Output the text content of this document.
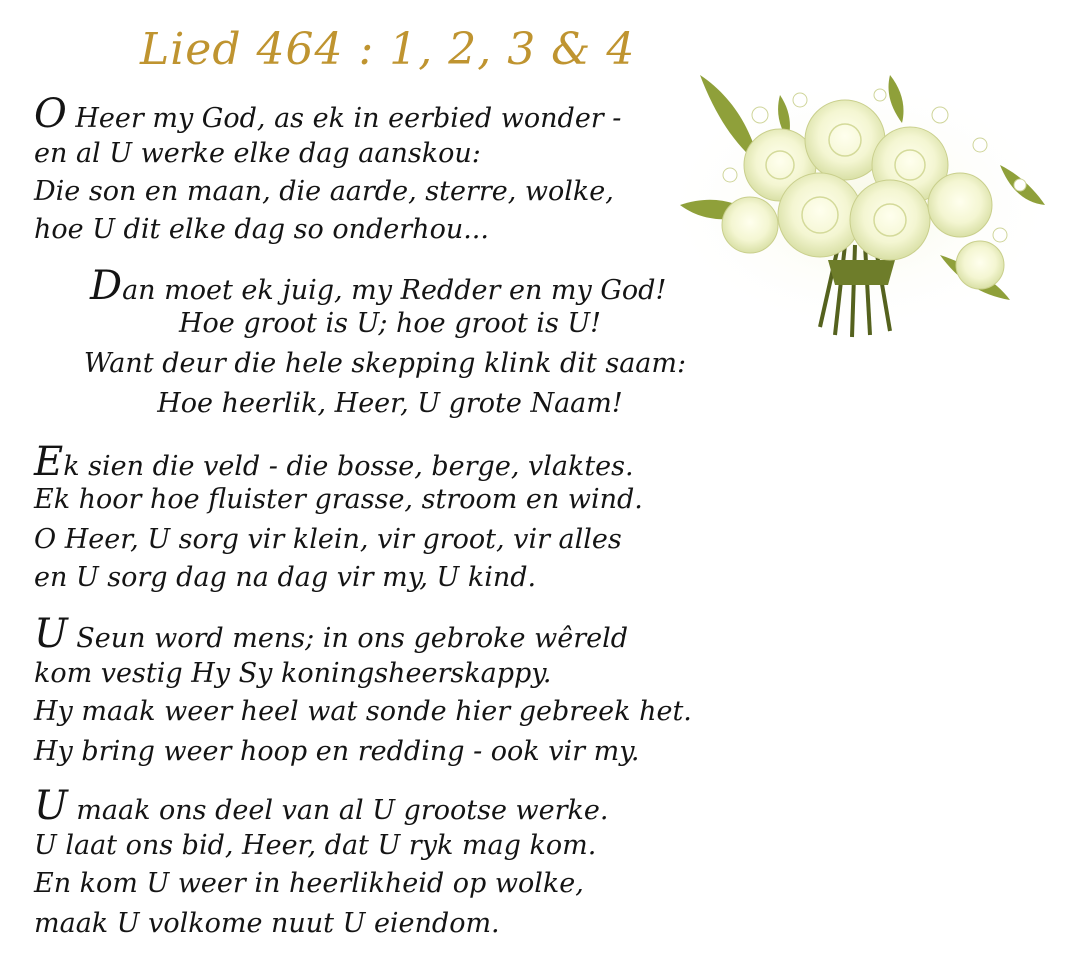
Lied 464 : 1, 2, 3 & 4
O Heer my God, as ek in eerbied wonder -
en al U werke elke dag aanskou:
Die son en maan, die aarde, sterre, wolke,
hoe U dit elke dag so onderhou...
Dan moet ek juig, my Redder en my God!
Hoe groot is U; hoe groot is U!
Want deur die hele skepping klink dit saam:
Hoe heerlik, Heer, U grote Naam!
Ek sien die veld - die bosse, berge, vlaktes.
Ek hoor hoe fluister grasse, stroom en wind.
O Heer, U sorg vir klein, vir groot, vir alles
en U sorg dag na dag vir my, U kind.
U Seun word mens; in ons gebroke wêreld
kom vestig Hy Sy koningsheerskappy.
Hy maak weer heel wat sonde hier gebreek het.
Hy bring weer hoop en redding - ook vir my.
U maak ons deel van al U grootse werke.
U laat ons bid, Heer, dat U ryk mag kom.
En kom U weer in heerlikheid op wolke,
maak U volkome nuut U eiendom.
